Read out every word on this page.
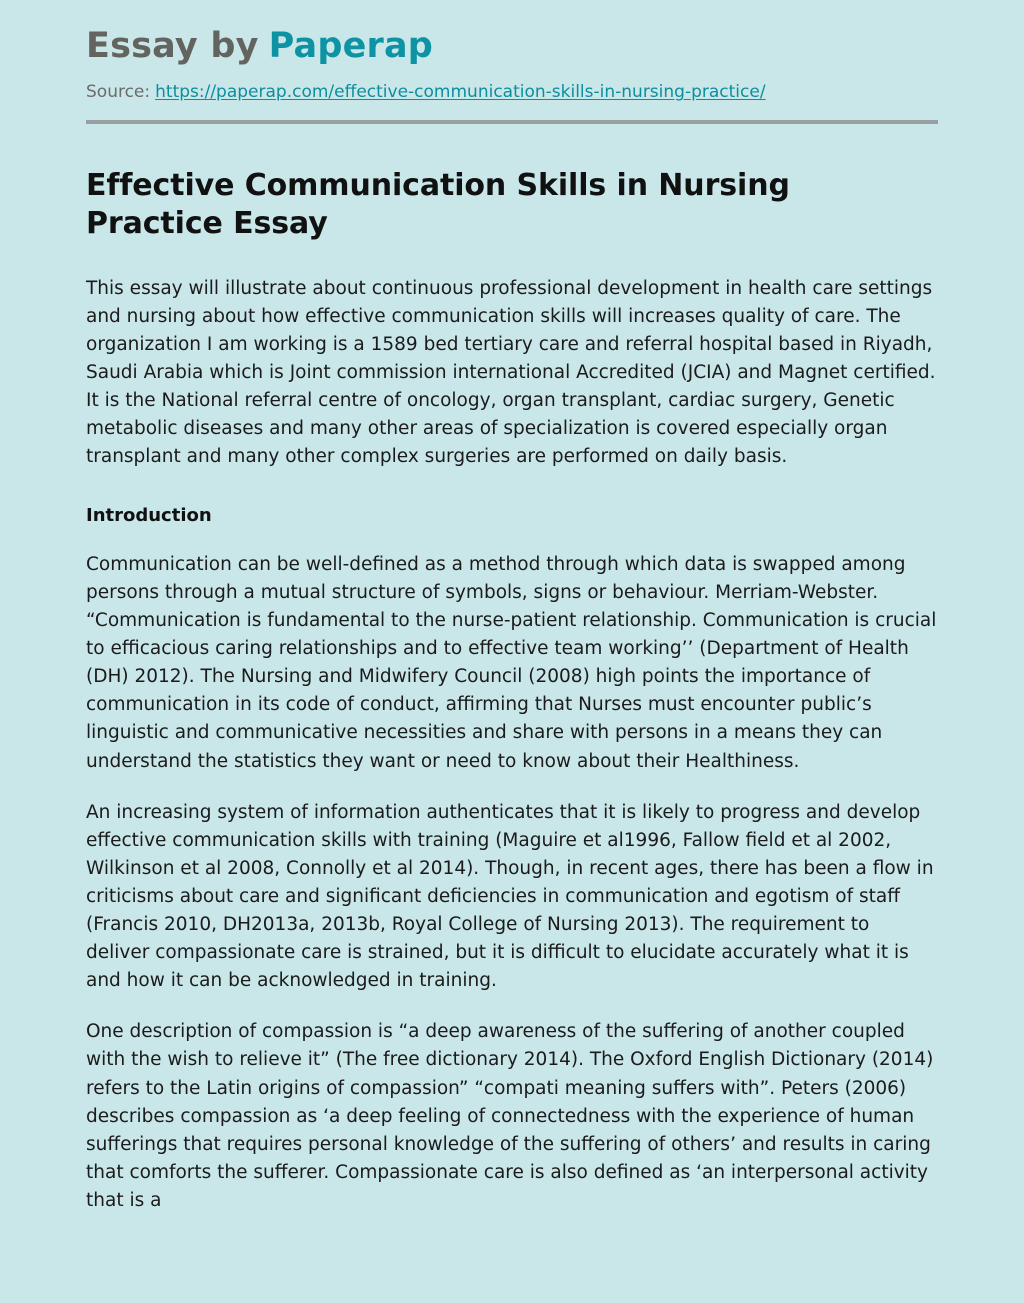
Essay by Paperap
Source: https://paperap.com/effective-communication-skills-in-nursing-practice/
Effective Communication Skills in Nursing Practice Essay

This essay will illustrate about continuous professional development in health care settings and nursing about how effective communication skills will increases quality of care. The organization I am working is a 1589 bed tertiary care and referral hospital based in Riyadh, Saudi Arabia which is Joint commission international Accredited (JCIA) and Magnet certified. It is the National referral centre of oncology, organ transplant, cardiac surgery, Genetic metabolic diseases and many other areas of specialization is covered especially organ transplant and many other complex surgeries are performed on daily basis.

Introduction

Communication can be well-defined as a method through which data is swapped among persons through a mutual structure of symbols, signs or behaviour. Merriam-Webster. “Communication is fundamental to the nurse-patient relationship. Communication is crucial to efficacious caring relationships and to effective team working’’ (Department of Health (DH) 2012). The Nursing and Midwifery Council (2008) high points the importance of communication in its code of conduct, affirming that Nurses must encounter public’s linguistic and communicative necessities and share with persons in a means they can understand the statistics they want or need to know about their Healthiness.

An increasing system of information authenticates that it is likely to progress and develop effective communication skills with training (Maguire et al1996, Fallow field et al 2002, Wilkinson et al 2008, Connolly et al 2014). Though, in recent ages, there has been a flow in criticisms about care and significant deficiencies in communication and egotism of staff (Francis 2010, DH2013a, 2013b, Royal College of Nursing 2013). The requirement to deliver compassionate care is strained, but it is difficult to elucidate accurately what it is and how it can be acknowledged in training.

One description of compassion is “a deep awareness of the suffering of another coupled with the wish to relieve it” (The free dictionary 2014). The Oxford English Dictionary (2014) refers to the Latin origins of compassion” “compati meaning suffers with”. Peters (2006) describes compassion as ‘a deep feeling of connectedness with the experience of human sufferings that requires personal knowledge of the suffering of others’ and results in caring that comforts the sufferer. Compassionate care is also defined as ‘an interpersonal activity that is a
